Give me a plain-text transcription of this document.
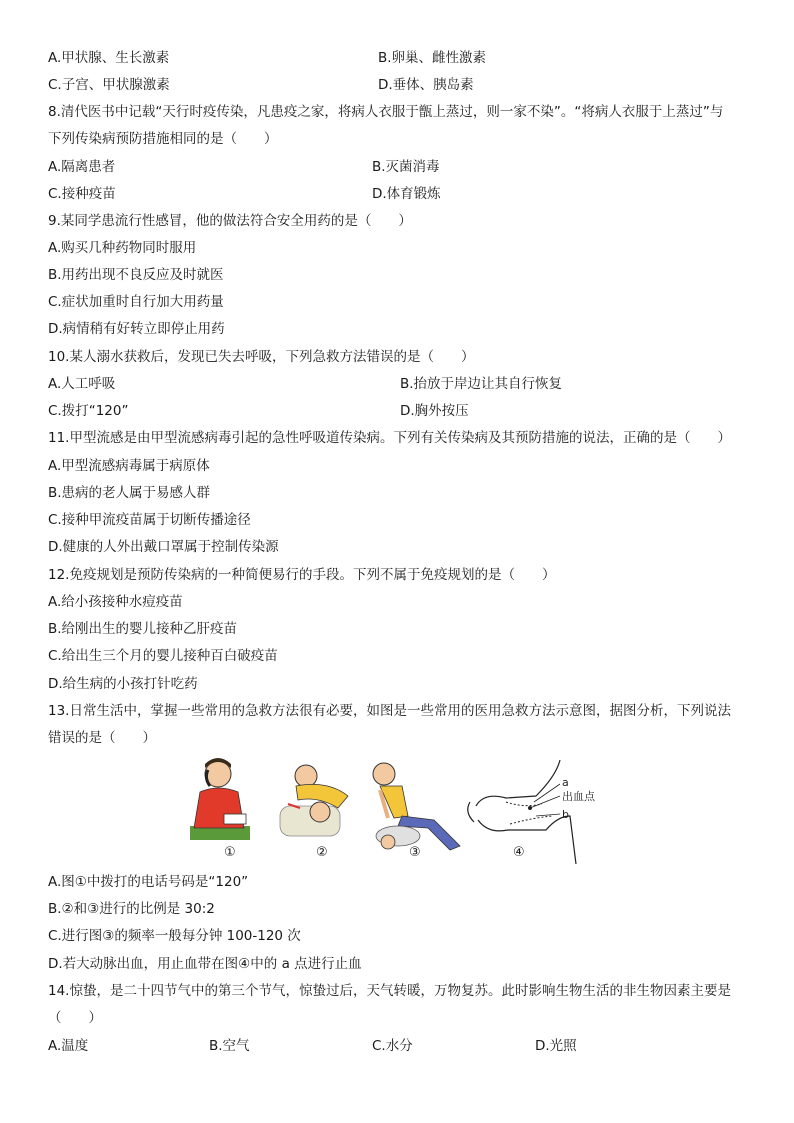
A.甲状腺、生长激素	B.卵巢、雌性激素
C.子宫、甲状腺激素	D.垂体、胰岛素
8.清代医书中记载“天行时疫传染，凡患疫之家，将病人衣服于甑上蒸过，则一家不染”。“将病人衣服于上蒸过”与
下列传染病预防措施相同的是（　　）
A.隔离患者	B.灭菌消毒
C.接种疫苗	D.体育锻炼
9.某同学患流行性感冒，他的做法符合安全用药的是（　　）
A.购买几种药物同时服用
B.用药出现不良反应及时就医
C.症状加重时自行加大用药量
D.病情稍有好转立即停止用药
10.某人溺水获救后，发现已失去呼吸，下列急救方法错误的是（　　）
A.人工呼吸	B.抬放于岸边让其自行恢复
C.拨打“120”	D.胸外按压
11.甲型流感是由甲型流感病毒引起的急性呼吸道传染病。下列有关传染病及其预防措施的说法，正确的是（　　）
A.甲型流感病毒属于病原体
B.患病的老人属于易感人群
C.接种甲流疫苗属于切断传播途径
D.健康的人外出戴口罩属于控制传染源
12.免疫规划是预防传染病的一种简便易行的手段。下列不属于免疫规划的是（　　）
A.给小孩接种水痘疫苗
B.给刚出生的婴儿接种乙肝疫苗
C.给出生三个月的婴儿接种百白破疫苗
D.给生病的小孩打针吃药
13.日常生活中，掌握一些常用的急救方法很有必要，如图是一些常用的医用急救方法示意图，据图分析，下列说法
错误的是（　　）
a
出血点
b
①	②	③	④
A.图①中拨打的电话号码是“120”
B.②和③进行的比例是 30:2
C.进行图③的频率一般每分钟 100-120 次
D.若大动脉出血，用止血带在图④中的 a 点进行止血
14.惊蛰，是二十四节气中的第三个节气，惊蛰过后，天气转暖，万物复苏。此时影响生物生活的非生物因素主要是
（　　）
A.温度	B.空气	C.水分	D.光照
